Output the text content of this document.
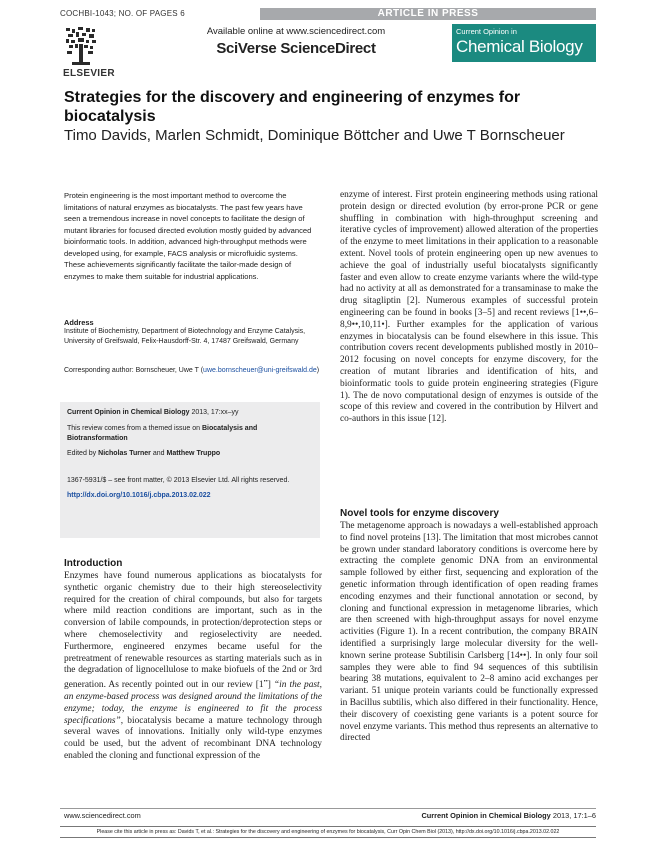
COCHBI-1043; NO. OF PAGES 6	ARTICLE IN PRESS
ELSEVIER
Available online at www.sciencedirect.com
SciVerse ScienceDirect
Current Opinion in
Chemical Biology
Strategies for the discovery and engineering of enzymes for biocatalysis
Timo Davids, Marlen Schmidt, Dominique Böttcher and Uwe T Bornscheuer

Protein engineering is the most important method to overcome the limitations of natural enzymes as biocatalysts. The past few years have seen a tremendous increase in novel concepts to facilitate the design of mutant libraries for focused directed evolution mostly guided by advanced bioinformatic tools. In addition, advanced high-throughput methods were developed using, for example, FACS analysis or microfluidic systems. These achievements significantly facilitate the tailor-made design of enzymes to make them suitable for industrial applications.

Address

Institute of Biochemistry, Department of Biotechnology and Enzyme Catalysis, University of Greifswald, Felix-Hausdorff-Str. 4, 17487 Greifswald, Germany

Corresponding author: Bornscheuer, Uwe T (uwe.bornscheuer@uni-greifswald.de)

Current Opinion in Chemical Biology 2013, 17:xx–yy

This review comes from a themed issue on Biocatalysis and Biotransformation

Edited by Nicholas Turner and Matthew Truppo

1367-5931/$ – see front matter, © 2013 Elsevier Ltd. All rights reserved.

http://dx.doi.org/10.1016/j.cbpa.2013.02.022

Introduction

Enzymes have found numerous applications as biocatalysts for synthetic organic chemistry due to their high stereoselectivity required for the creation of chiral compounds, but also for targets where mild reaction conditions are important, such as in the conversion of labile compounds, in protection/deprotection steps or where chemoselectivity and regioselectivity are needed. Furthermore, engineered enzymes became useful for the pretreatment of renewable resources as starting materials such as in the degradation of lignocellulose to make biofuels of the 2nd or 3rd generation. As recently pointed out in our review [1••] “in the past, an enzyme-based process was designed around the limitations of the enzyme; today, the enzyme is engineered to fit the process specifications”, biocatalysis became a mature technology through several waves of innovations. Initially only wild-type enzymes could be used, but the advent of recombinant DNA technology enabled the cloning and functional expression of the

enzyme of interest. First protein engineering methods using rational protein design or directed evolution (by error-prone PCR or gene shuffling in combination with high-throughput screening and iterative cycles of improvement) allowed alteration of the properties of the enzyme to meet limitations in their application to a reasonable extent. Novel tools of protein engineering open up new avenues to achieve the goal of industrially useful biocatalysts significantly faster and even allow to create enzyme variants where the wild-type had no activity at all as demonstrated for a transaminase to make the drug sitagliptin [2]. Numerous examples of successful protein engineering can be found in books [3–5] and recent reviews [1••,6–8,9••,10,11•]. Further examples for the application of various enzymes in biocatalysis can be found elsewhere in this issue. This contribution covers recent developments published mostly in 2010–2012 focusing on novel concepts for enzyme discovery, for the creation of mutant libraries and identification of hits, and bioinformatic tools to guide protein engineering strategies (Figure 1). The de novo computational design of enzymes is outside of the scope of this review and covered in the contribution by Hilvert and co-authors in this issue [12].

Novel tools for enzyme discovery

The metagenome approach is nowadays a well-established approach to find novel proteins [13]. The limitation that most microbes cannot be grown under standard laboratory conditions is overcome here by extracting the complete genomic DNA from an environmental sample followed by either first, sequencing and exploration of the genetic information through identification of open reading frames encoding enzymes and their functional annotation or second, by cloning and functional expression in metagenome libraries, which are then screened with high-throughput assays for novel enzyme activities (Figure 1). In a recent contribution, the company BRAIN identified a surprisingly large molecular diversity for the well-known serine protease Subtilisin Carlsberg [14••]. In only four soil samples they were able to find 94 sequences of this subtilisin bearing 38 mutations, equivalent to 2–8 amino acid exchanges per variant. 51 unique protein variants could be functionally expressed in Bacillus subtilis, which also differed in their functionality. Hence, their discovery of coexisting gene variants is a potent source for novel enzyme variants. This method thus represents an alternative to directed

www.sciencedirect.com	Current Opinion in Chemical Biology 2013, 17:1–6
Please cite this article in press as: Davids T, et al.: Strategies for the discovery and engineering of enzymes for biocatalysis, Curr Opin Chem Biol (2013), http://dx.doi.org/10.1016/j.cbpa.2013.02.022
